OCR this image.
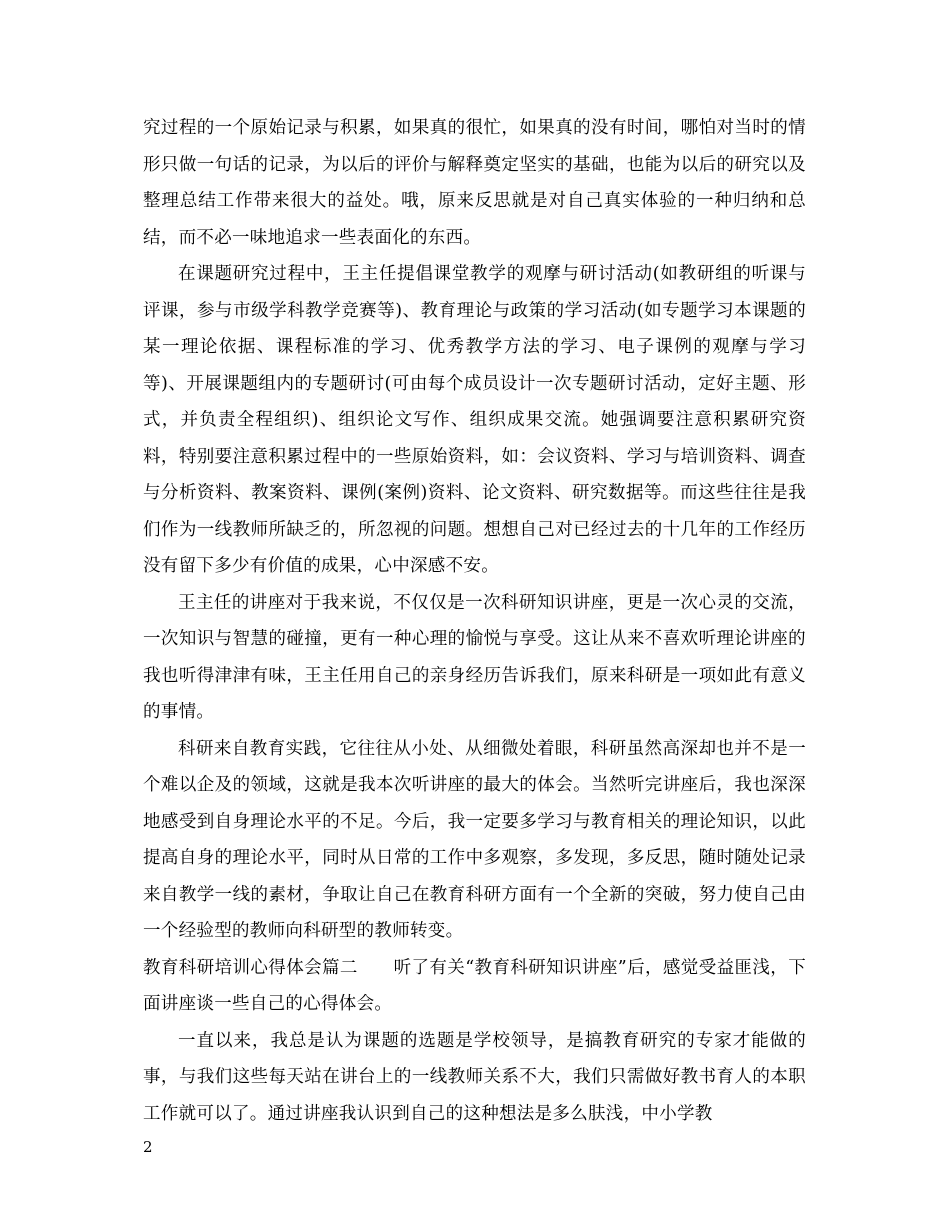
究过程的一个原始记录与积累，如果真的很忙，如果真的没有时间，哪怕对当时的情形只做一句话的记录，为以后的评价与解释奠定坚实的基础，也能为以后的研究以及整理总结工作带来很大的益处。哦，原来反思就是对自己真实体验的一种归纳和总结，而不必一味地追求一些表面化的东西。

在课题研究过程中，王主任提倡课堂教学的观摩与研讨活动(如教研组的听课与评课，参与市级学科教学竞赛等)、教育理论与政策的学习活动(如专题学习本课题的某一理论依据、课程标准的学习、优秀教学方法的学习、电子课例的观摩与学习等)、开展课题组内的专题研讨(可由每个成员设计一次专题研讨活动，定好主题、形式，并负责全程组织)、组织论文写作、组织成果交流。她强调要注意积累研究资料，特别要注意积累过程中的一些原始资料，如：会议资料、学习与培训资料、调查与分析资料、教案资料、课例(案例)资料、论文资料、研究数据等。而这些往往是我们作为一线教师所缺乏的，所忽视的问题。想想自己对已经过去的十几年的工作经历没有留下多少有价值的成果，心中深感不安。

王主任的讲座对于我来说，不仅仅是一次科研知识讲座，更是一次心灵的交流，一次知识与智慧的碰撞，更有一种心理的愉悦与享受。这让从来不喜欢听理论讲座的我也听得津津有味，王主任用自己的亲身经历告诉我们，原来科研是一项如此有意义的事情。

科研来自教育实践，它往往从小处、从细微处着眼，科研虽然高深却也并不是一个难以企及的领域，这就是我本次听讲座的最大的体会。当然听完讲座后，我也深深地感受到自身理论水平的不足。今后，我一定要多学习与教育相关的理论知识，以此提高自身的理论水平，同时从日常的工作中多观察，多发现，多反思，随时随处记录来自教学一线的素材，争取让自己在教育科研方面有一个全新的突破，努力使自己由一个经验型的教师向科研型的教师转变。

教育科研培训心得体会篇二　　听了有关“教育科研知识讲座”后，感觉受益匪浅，下面讲座谈一些自己的心得体会。

一直以来，我总是认为课题的选题是学校领导，是搞教育研究的专家才能做的事，与我们这些每天站在讲台上的一线教师关系不大，我们只需做好教书育人的本职工作就可以了。通过讲座我认识到自己的这种想法是多么肤浅，中小学教

2
